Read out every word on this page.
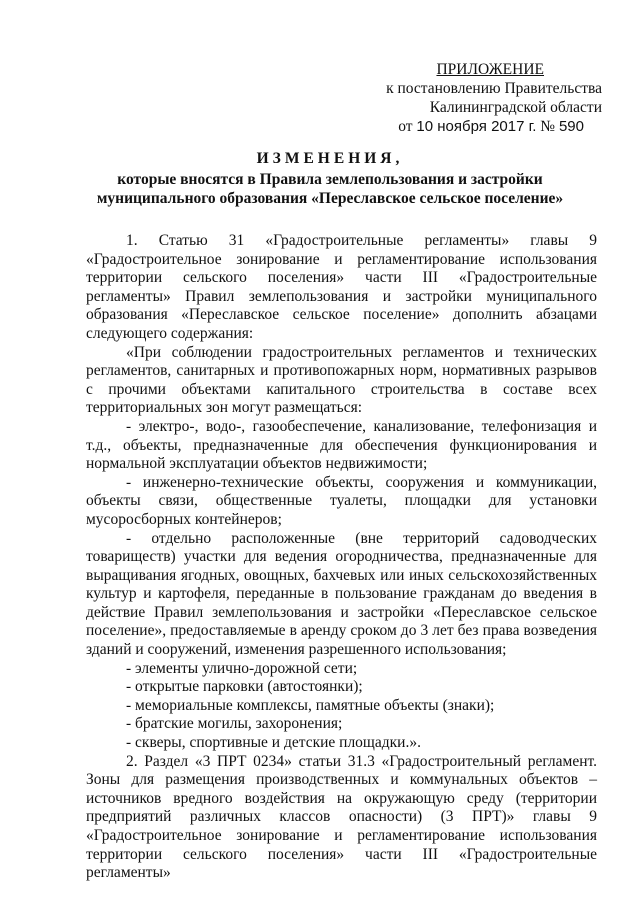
ПРИЛОЖЕНИЕ
к постановлению Правительства
Калининградской области
от 10 ноября 2017 г. № 590
ИЗМЕНЕНИЯ,
которые вносятся в Правила землепользования и застройки
муниципального образования «Переславское сельское поселение»

1. Статью 31 «Градостроительные регламенты» главы 9 «Градостроительное зонирование и регламентирование использования территории сельского поселения» части III «Градостроительные регламенты» Правил землепользования и застройки муниципального образования «Переславское сельское поселение» дополнить абзацами следующего содержания:

«При соблюдении градостроительных регламентов и технических регламентов, санитарных и противопожарных норм, нормативных разрывов с прочими объектами капитального строительства в составе всех территориальных зон могут размещаться:

- электро-, водо-, газообеспечение, канализование, телефонизация и т.д., объекты, предназначенные для обеспечения функционирования и нормальной эксплуатации объектов недвижимости;

- инженерно-технические объекты, сооружения и коммуникации, объекты связи, общественные туалеты, площадки для установки мусоросборных контейнеров;

- отдельно расположенные (вне территорий садоводческих товариществ) участки для ведения огородничества, предназначенные для выращивания ягодных, овощных, бахчевых или иных сельскохозяйственных культур и картофеля, переданные в пользование гражданам до введения в действие Правил землепользования и застройки «Переславское сельское поселение», предоставляемые в аренду сроком до 3 лет без права возведения зданий и сооружений, изменения разрешенного использования;

- элементы улично-дорожной сети;

- открытые парковки (автостоянки);

- мемориальные комплексы, памятные объекты (знаки);

- братские могилы, захоронения;

- скверы, спортивные и детские площадки.».

2. Раздел «3 ПРТ 0234» статьи 31.3 «Градостроительный регламент. Зоны для размещения производственных и коммунальных объектов – источников вредного воздействия на окружающую среду (территории предприятий различных классов опасности) (3 ПРТ)» главы 9 «Градостроительное зонирование и регламентирование использования территории сельского поселения» части III «Градостроительные регламенты»
